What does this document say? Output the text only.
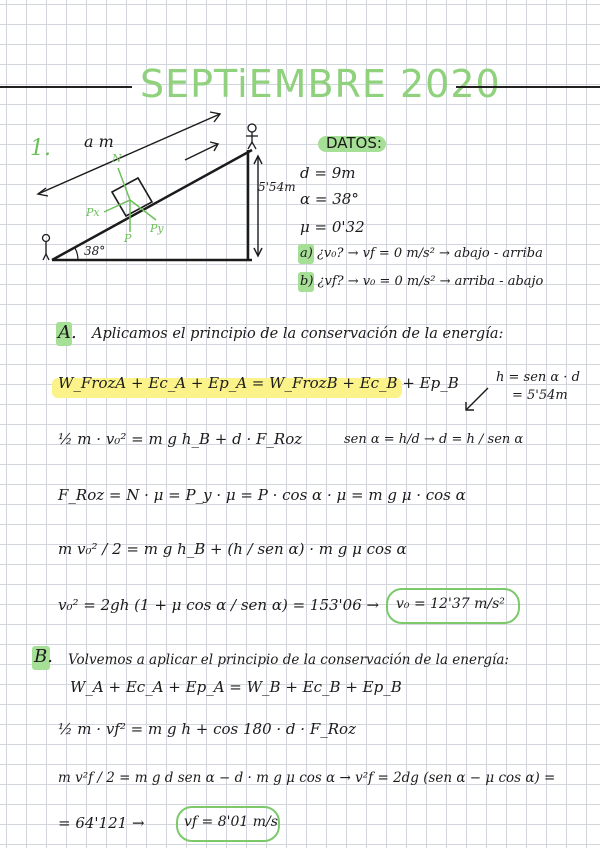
SEPTiEMBRE 2020
1. a m
5'54m
38°
N
Px
Py
P
DATOS:
d = 9m
α = 38°
μ = 0'32
a) ¿v₀? → vf = 0 m/s² → abajo - arriba
b) ¿vf? → v₀ = 0 m/s² → arriba - abajo
A. Aplicamos el principio de la conservación de la energía:
W_FrozA + Ec_A + Ep_A = W_FrozB + Ec_B + Ep_B	h = sen α · d
= 5'54m
½ m · v₀² = m g h_B + d · F_Roz	sen α = h/d → d = h / sen α
F_Roz = N · μ = P_y · μ = P · cos α · μ = m g μ · cos α
m v₀² / 2 = m g h_B + (h / sen α) · m g μ cos α
v₀² = 2gh (1 + μ cos α / sen α) = 153'06 → v₀ = 12'37 m/s²
B. Volvemos a aplicar el principio de la conservación de la energía:
W_A + Ec_A + Ep_A = W_B + Ec_B + Ep_B
½ m · vf² = m g h + cos 180 · d · F_Roz
m v²f / 2 = m g d sen α − d · m g μ cos α → v²f = 2dg (sen α − μ cos α) =
= 64'121 →	vf = 8'01 m/s
